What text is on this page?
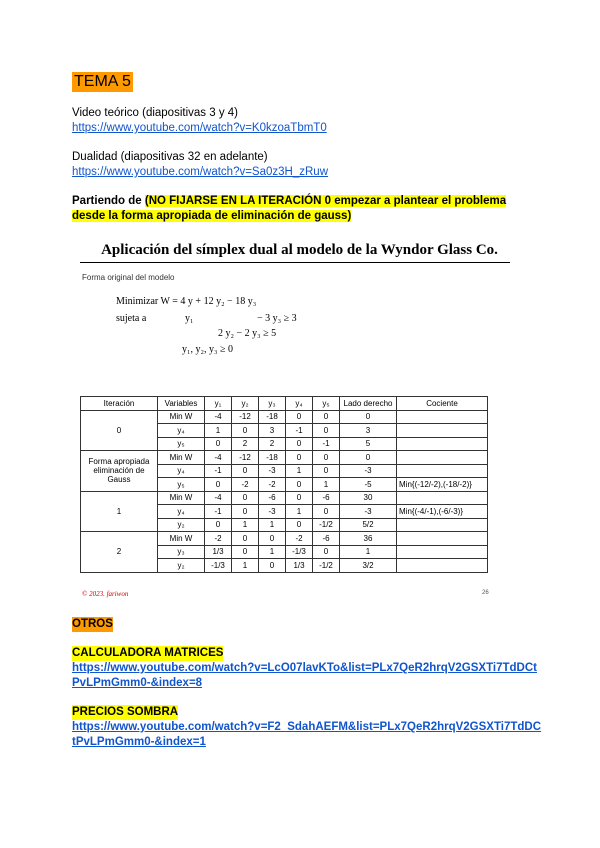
TEMA 5
Video teórico (diapositivas 3 y 4)
https://www.youtube.com/watch?v=K0kzoaTbmT0
Dualidad (diapositivas 32 en adelante)
https://www.youtube.com/watch?v=Sa0z3H_zRuw
Partiendo de (NO FIJARSE EN LA ITERACIÓN 0 empezar a plantear el problema
desde la forma apropiada de eliminación de gauss)
Aplicación del símplex dual al modelo de la Wyndor Glass Co.
Forma original del modelo
Minimizar W = 4 y + 12 y₂ − 18 y₃
sujeta a	y₁	− 3 y₃ ≥ 3
2 y₂ − 2 y₃ ≥ 5
y₁, y₂, y₃ ≥ 0
Iteración	Variables	y₁	y₂	y₃	y₄	y₅	Lado derecho	Cociente
0	Min W	-4	-12	-18	0	0	0	
	y₄	1	0	3	-1	0	3	
	y₅	0	2	2	0	-1	5	
Forma apropiada eliminación de Gauss	Min W	-4	-12	-18	0	0	0	
	y₄	-1	0	-3	1	0	-3	
	y₅	0	-2	-2	0	1	-5	Min{(-12/-2),(-18/-2)}
1	Min W	-4	0	-6	0	-6	30	
	y₄	-1	0	-3	1	0	-3	Min{(-4/-1),(-6/-3)}
	y₂	0	1	1	0	-1/2	5/2	
2	Min W	-2	0	0	-2	-6	36	
	y₃	1/3	0	1	-1/3	0	1	
	y₂	-1/3	1	0	1/3	-1/2	3/2	
© 2023. fariwon	26
OTROS
CALCULADORA MATRICES
https://www.youtube.com/watch?v=LcO07lavKTo&list=PLx7QeR2hrqV2GSXTi7TdDCt
PvLPmGmm0-&index=8
PRECIOS SOMBRA
https://www.youtube.com/watch?v=F2_SdahAEFM&list=PLx7QeR2hrqV2GSXTi7TdDC
tPvLPmGmm0-&index=1
